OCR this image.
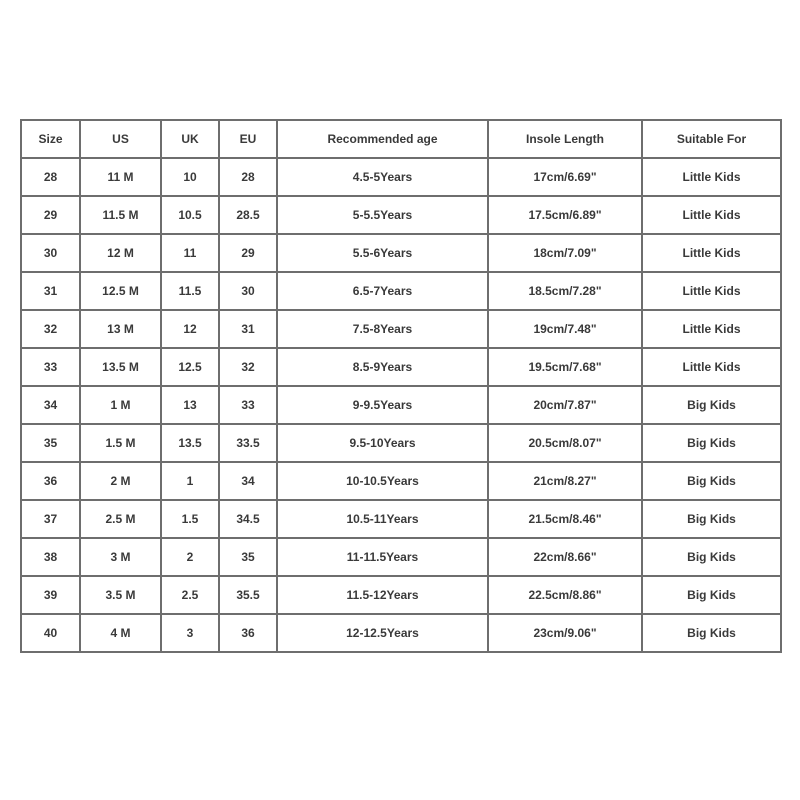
Size	US	UK	EU	Recommended age	Insole Length	Suitable For
28	11 M	10	28	4.5-5Years	17cm/6.69"	Little Kids
29	11.5 M	10.5	28.5	5-5.5Years	17.5cm/6.89"	Little Kids
30	12 M	11	29	5.5-6Years	18cm/7.09"	Little Kids
31	12.5 M	11.5	30	6.5-7Years	18.5cm/7.28"	Little Kids
32	13 M	12	31	7.5-8Years	19cm/7.48"	Little Kids
33	13.5 M	12.5	32	8.5-9Years	19.5cm/7.68"	Little Kids
34	1 M	13	33	9-9.5Years	20cm/7.87"	Big Kids
35	1.5 M	13.5	33.5	9.5-10Years	20.5cm/8.07"	Big Kids
36	2 M	1	34	10-10.5Years	21cm/8.27"	Big Kids
37	2.5 M	1.5	34.5	10.5-11Years	21.5cm/8.46"	Big Kids
38	3 M	2	35	11-11.5Years	22cm/8.66"	Big Kids
39	3.5 M	2.5	35.5	11.5-12Years	22.5cm/8.86"	Big Kids
40	4 M	3	36	12-12.5Years	23cm/9.06"	Big Kids
